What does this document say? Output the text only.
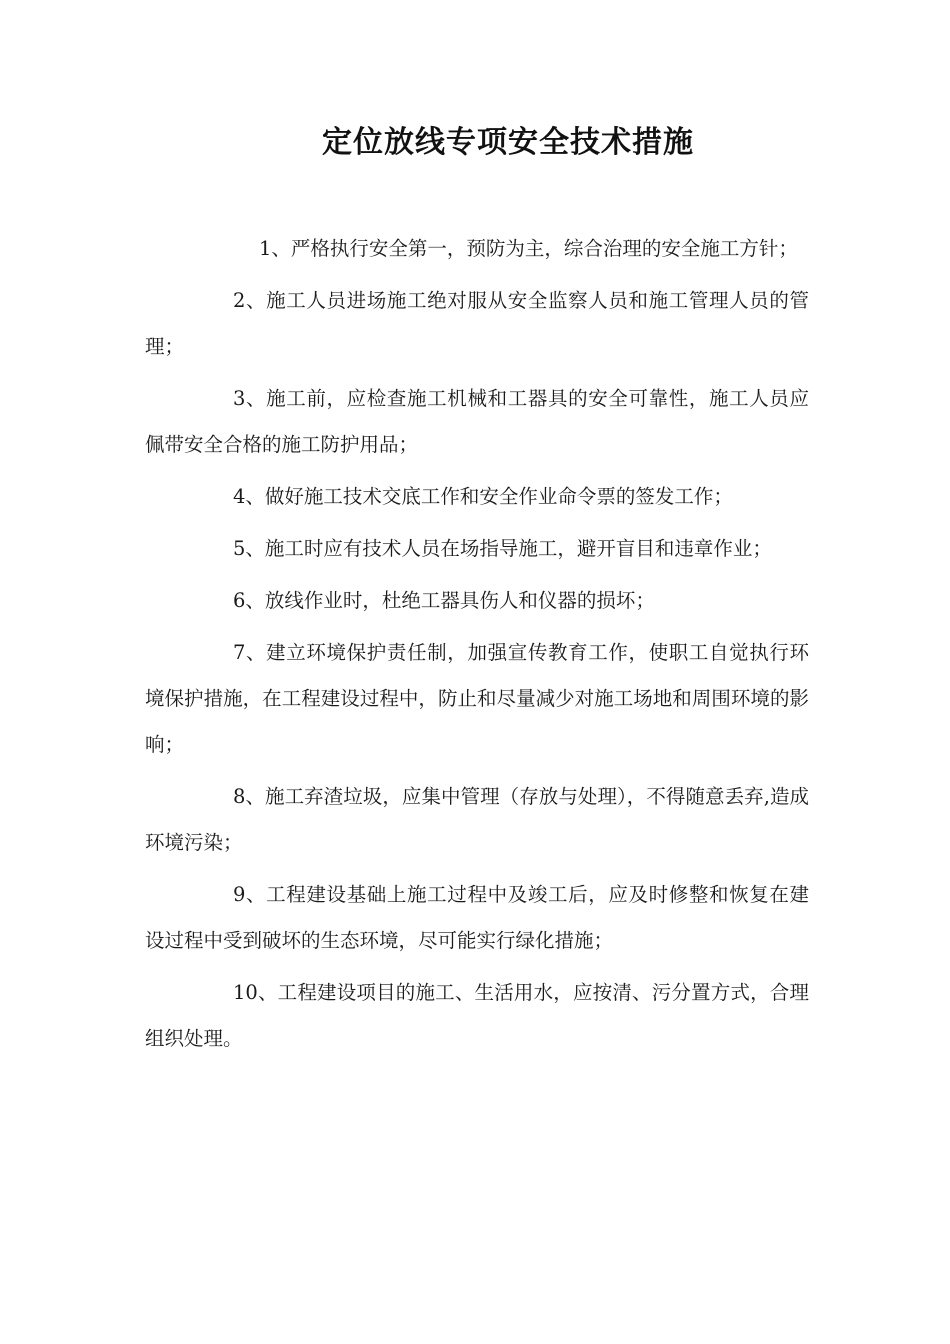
定位放线专项安全技术措施

1、严格执行安全第一，预防为主，综合治理的安全施工方针；

2、施工人员进场施工绝对服从安全监察人员和施工管理人员的管理；

3、施工前，应检查施工机械和工器具的安全可靠性，施工人员应佩带安全合格的施工防护用品；

4、做好施工技术交底工作和安全作业命令票的签发工作；

5、施工时应有技术人员在场指导施工，避开盲目和违章作业；

6、放线作业时，杜绝工器具伤人和仪器的损坏；

7、建立环境保护责任制，加强宣传教育工作，使职工自觉执行环境保护措施，在工程建设过程中，防止和尽量减少对施工场地和周围环境的影响；

8、施工弃渣垃圾，应集中管理（存放与处理），不得随意丢弃,造成环境污染；

9、工程建设基础上施工过程中及竣工后，应及时修整和恢复在建设过程中受到破坏的生态环境，尽可能实行绿化措施；

10、工程建设项目的施工、生活用水，应按清、污分置方式，合理组织处理。
